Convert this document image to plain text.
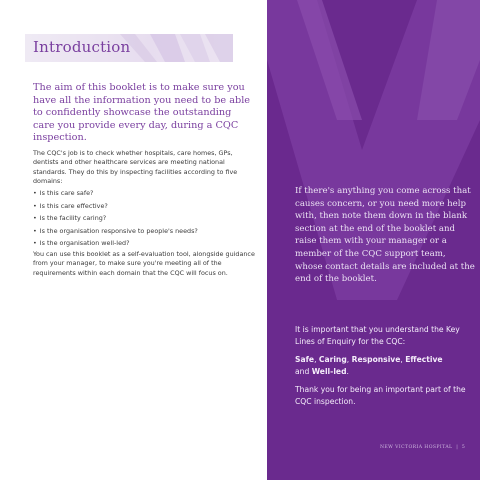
Introduction
The aim of this booklet is to make sure you have all the information you need to be able to confidently showcase the outstanding care you provide every day, during a CQC inspection.
The CQC's job is to check whether hospitals, care homes, GPs, dentists and other healthcare services are meeting national standards. They do this by inspecting facilities according to five domains:
• Is this care safe?
• Is this care effective?
• Is the facility caring?
• Is the organisation responsive to people's needs?
• Is the organisation well-led?
You can use this booklet as a self-evaluation tool, alongside guidance from your manager, to make sure you're meeting all of the requirements within each domain that the CQC will focus on.
If there's anything you come across that causes concern, or you need more help with, then note them down in the blank section at the end of the booklet and raise them with your manager or a member of the CQC support team, whose contact details are included at the end of the booklet.
It is important that you understand the Key Lines of Enquiry for the CQC:
Safe, Caring, Responsive, Effective
and Well-led.
Thank you for being an important part of the CQC inspection.
NEW VICTORIA HOSPITAL | 5
